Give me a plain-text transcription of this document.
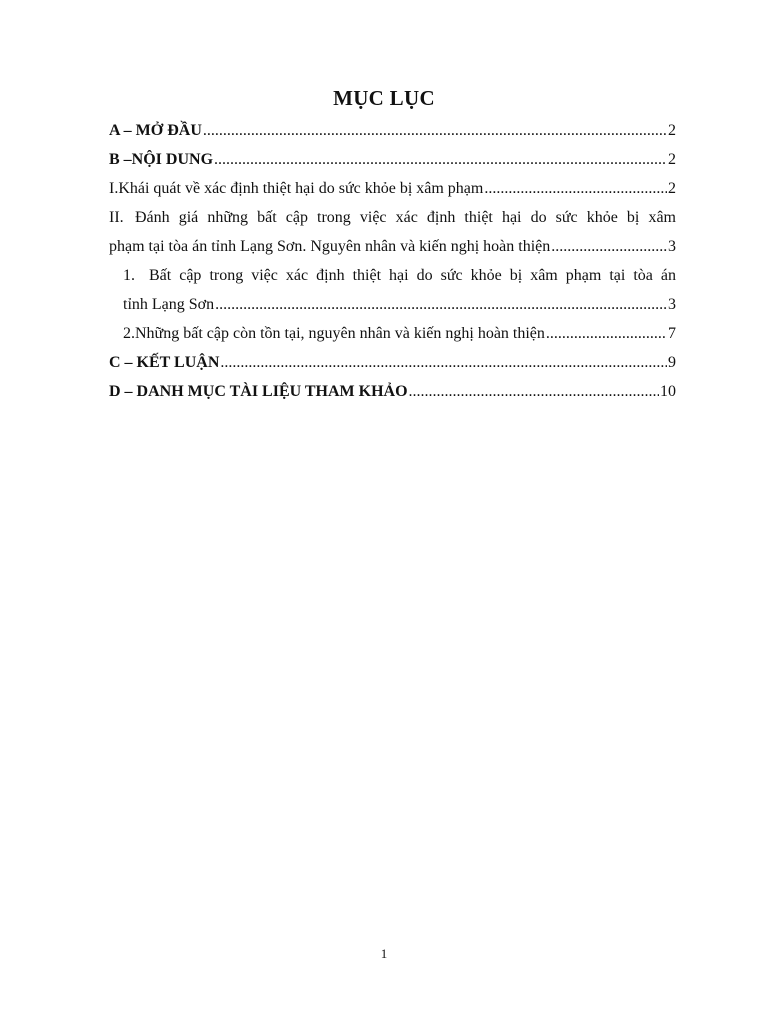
MỤC LỤC
A – MỞ ĐẦU .....	2
B –NỘI DUNG .....	2
I. Khái quát về xác định thiệt hại do sức khỏe bị xâm phạm .....	2
II. Đánh giá những bất cập trong việc xác định thiệt hại do sức khỏe bị xâm
phạm tại tòa án tỉnh Lạng Sơn. Nguyên nhân và kiến nghị hoàn thiện .....	3
1. Bất cập trong việc xác định thiệt hại do sức khỏe bị xâm phạm tại tòa án
tỉnh Lạng Sơn .....	3
2. Những bất cập còn tồn tại, nguyên nhân và kiến nghị hoàn thiện .....	7
C – KẾT LUẬN .....	9
D – DANH MỤC TÀI LIỆU THAM KHẢO .....	10
1
